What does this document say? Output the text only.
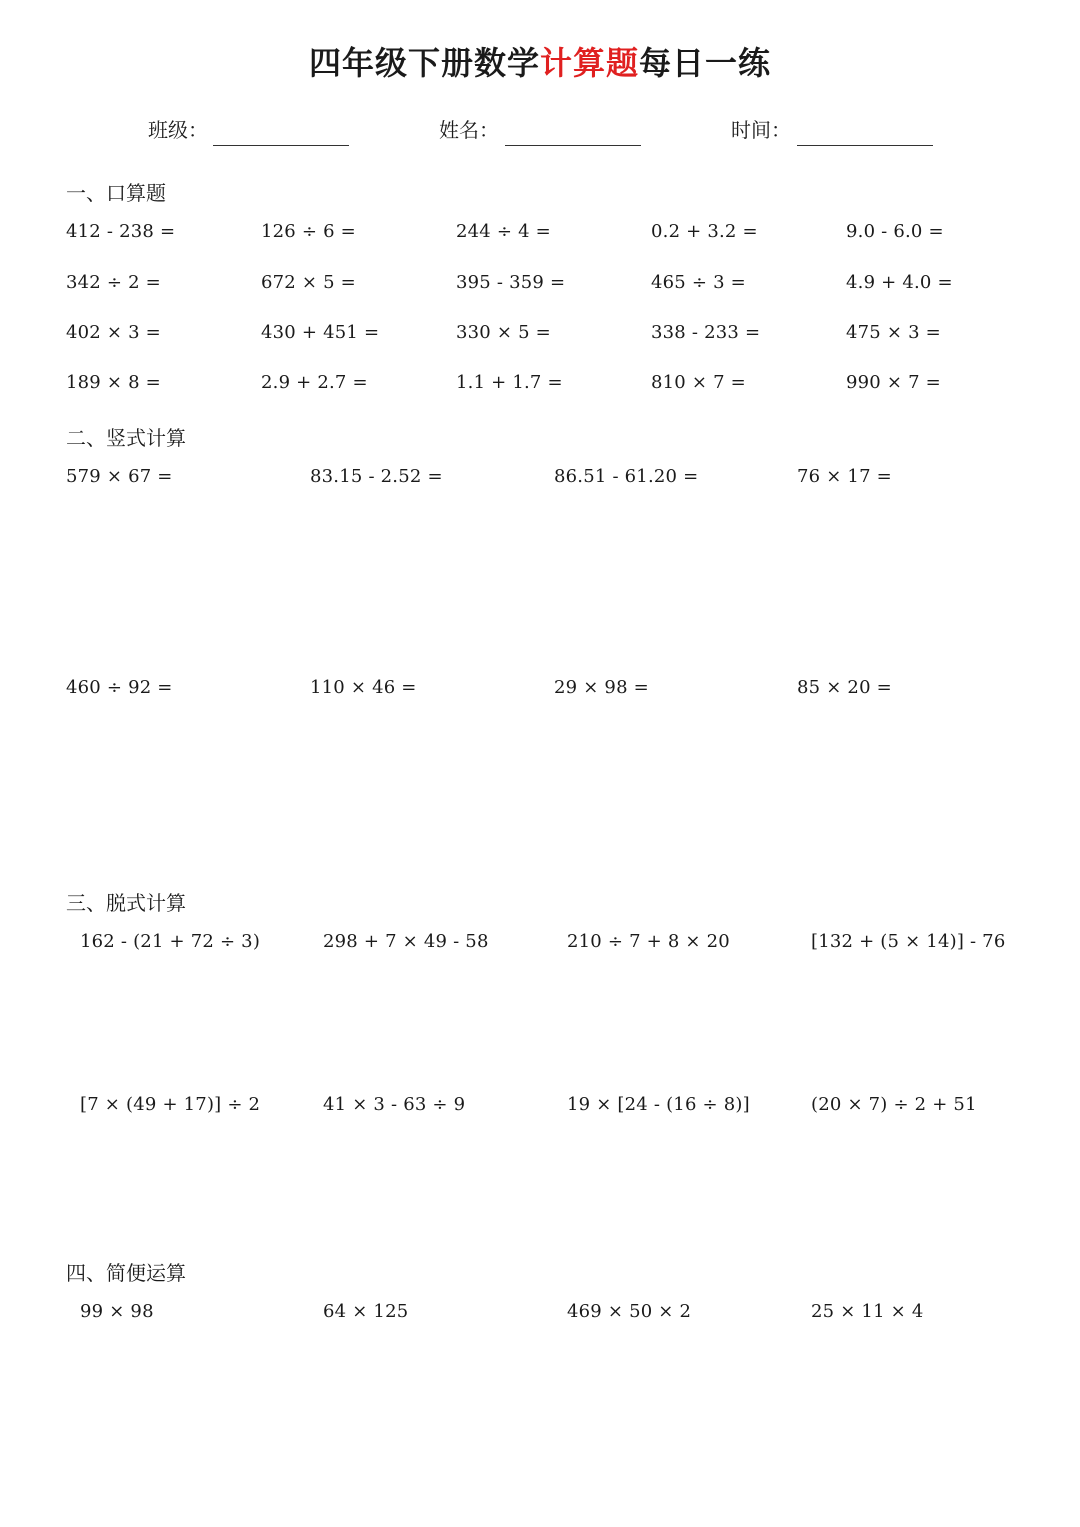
四年级下册数学计算题每日一练
班级：	姓名：	时间：
一、口算题
412 - 238 =	126 ÷ 6 =	244 ÷ 4 =	0.2 + 3.2 =	9.0 - 6.0 =
342 ÷ 2 =	672 × 5 =	395 - 359 =	465 ÷ 3 =	4.9 + 4.0 =
402 × 3 =	430 + 451 =	330 × 5 =	338 - 233 =	475 × 3 =
189 × 8 =	2.9 + 2.7 =	1.1 + 1.7 =	810 × 7 =	990 × 7 =
二、竖式计算
579 × 67 =	83.15 - 2.52 =	86.51 - 61.20 =	76 × 17 =
460 ÷ 92 =	110 × 46 =	29 × 98 =	85 × 20 =
三、脱式计算
162 - (21 + 72 ÷ 3)	298 + 7 × 49 - 58	210 ÷ 7 + 8 × 20	[132 + (5 × 14)] - 76
[7 × (49 + 17)] ÷ 2	41 × 3 - 63 ÷ 9	19 × [24 - (16 ÷ 8)]	(20 × 7) ÷ 2 + 51
四、简便运算
99 × 98	64 × 125	469 × 50 × 2	25 × 11 × 4
